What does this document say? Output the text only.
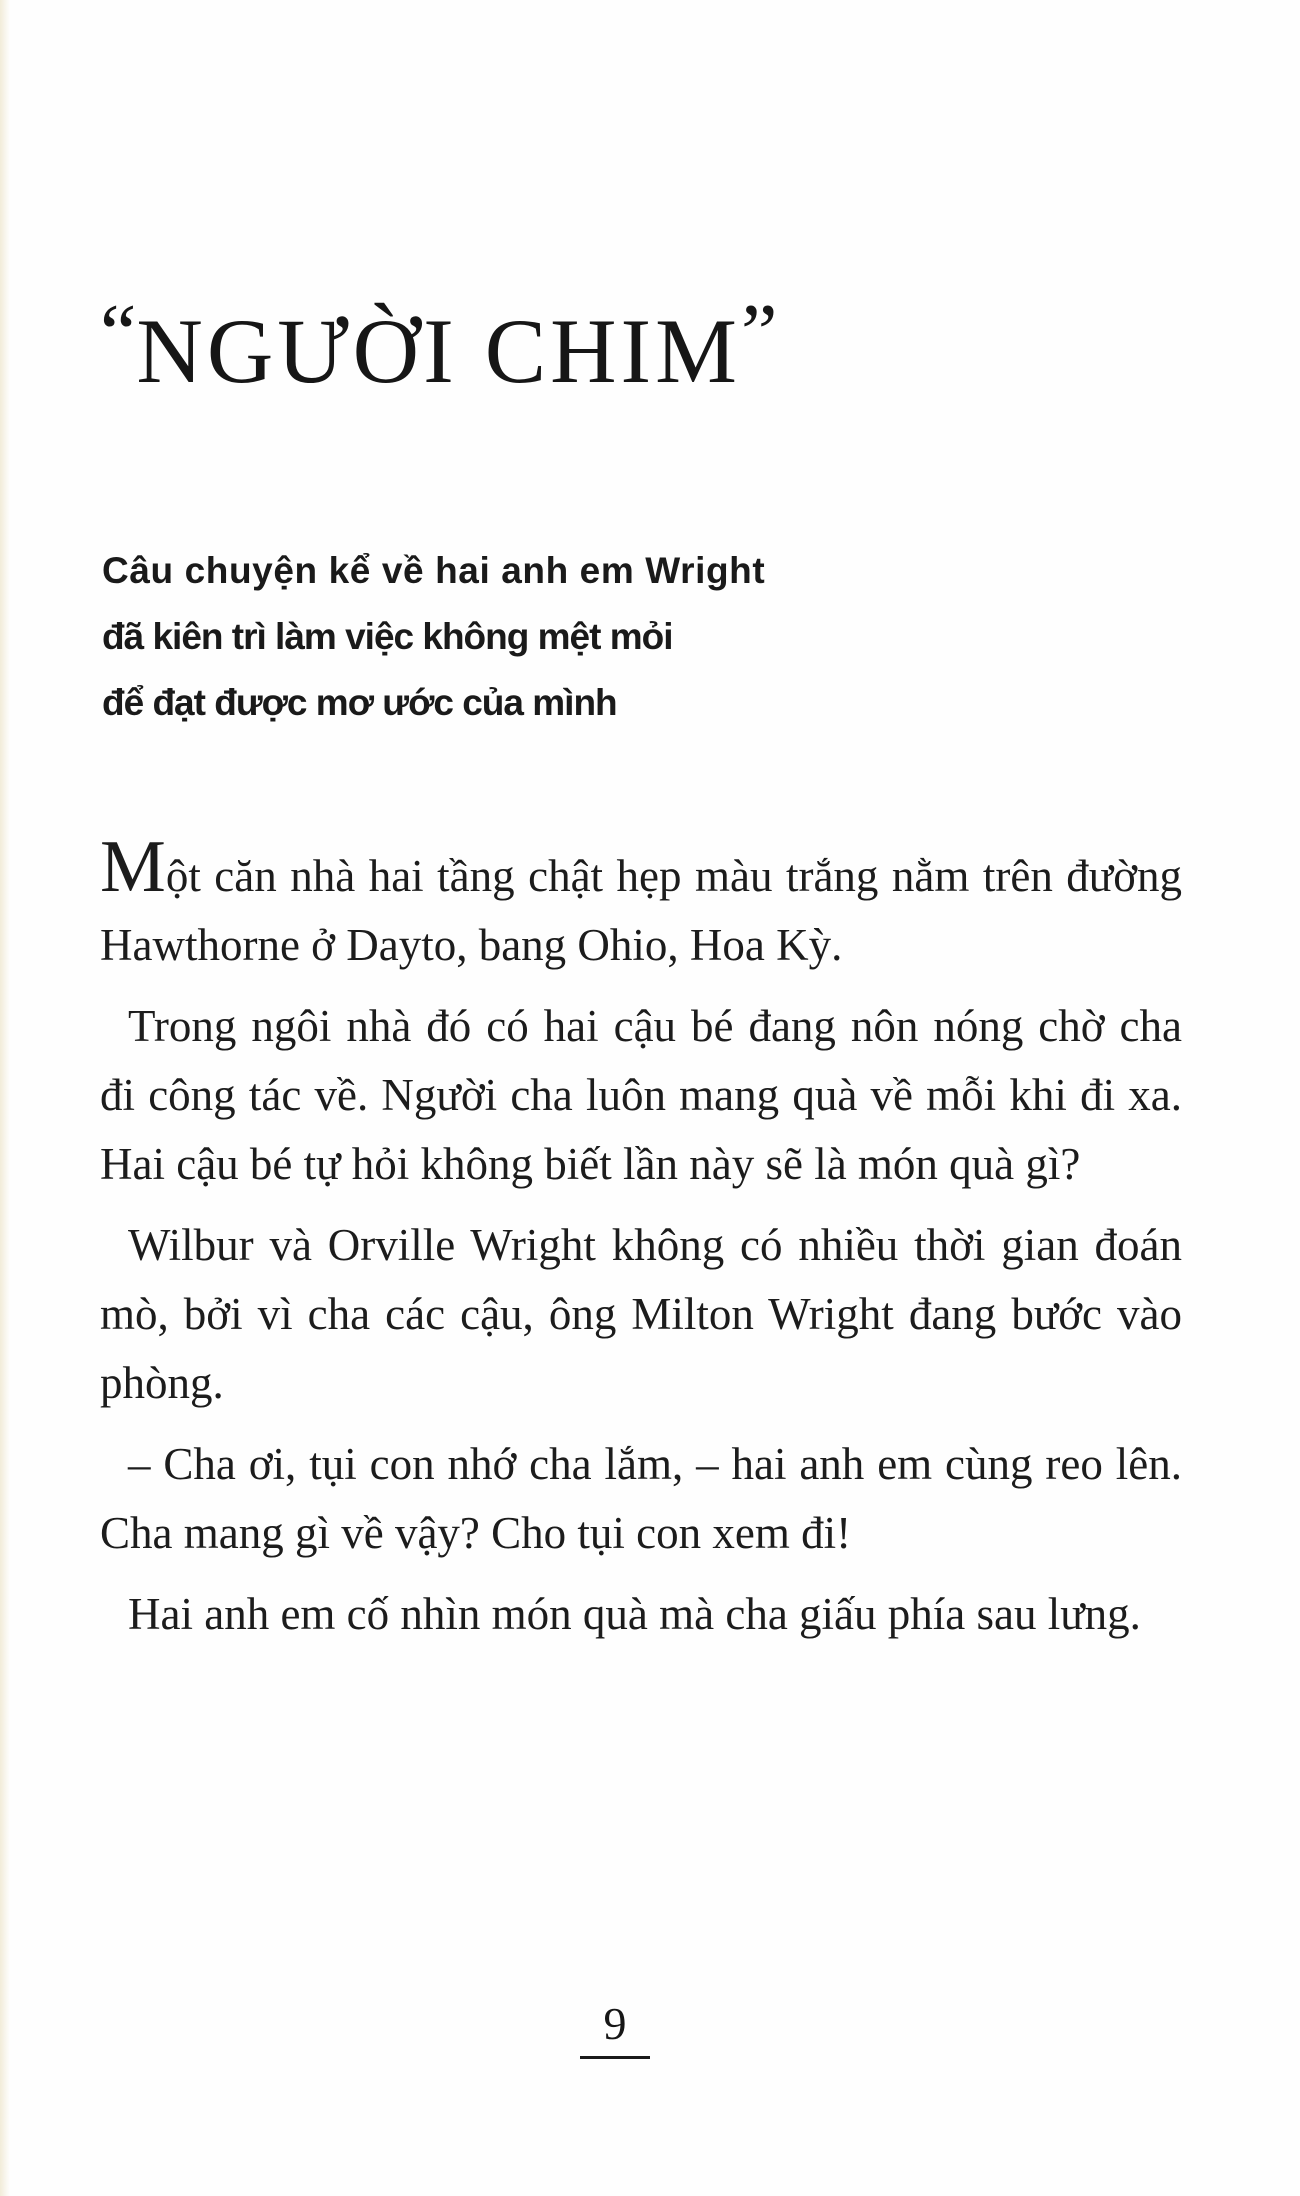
“NGƯỜI CHIM”
Câu chuyện kể về hai anh em Wright
đã kiên trì làm việc không mệt mỏi
để đạt được mơ ước của mình

Một căn nhà hai tầng chật hẹp màu trắng nằm trên đường Hawthorne ở Dayto, bang Ohio, Hoa Kỳ.

Trong ngôi nhà đó có hai cậu bé đang nôn nóng chờ cha đi công tác về. Người cha luôn mang quà về mỗi khi đi xa. Hai cậu bé tự hỏi không biết lần này sẽ là món quà gì?

Wilbur và Orville Wright không có nhiều thời gian đoán mò, bởi vì cha các cậu, ông Milton Wright đang bước vào phòng.

– Cha ơi, tụi con nhớ cha lắm, – hai anh em cùng reo lên. Cha mang gì về vậy? Cho tụi con xem đi!

Hai anh em cố nhìn món quà mà cha giấu phía sau lưng.

9
